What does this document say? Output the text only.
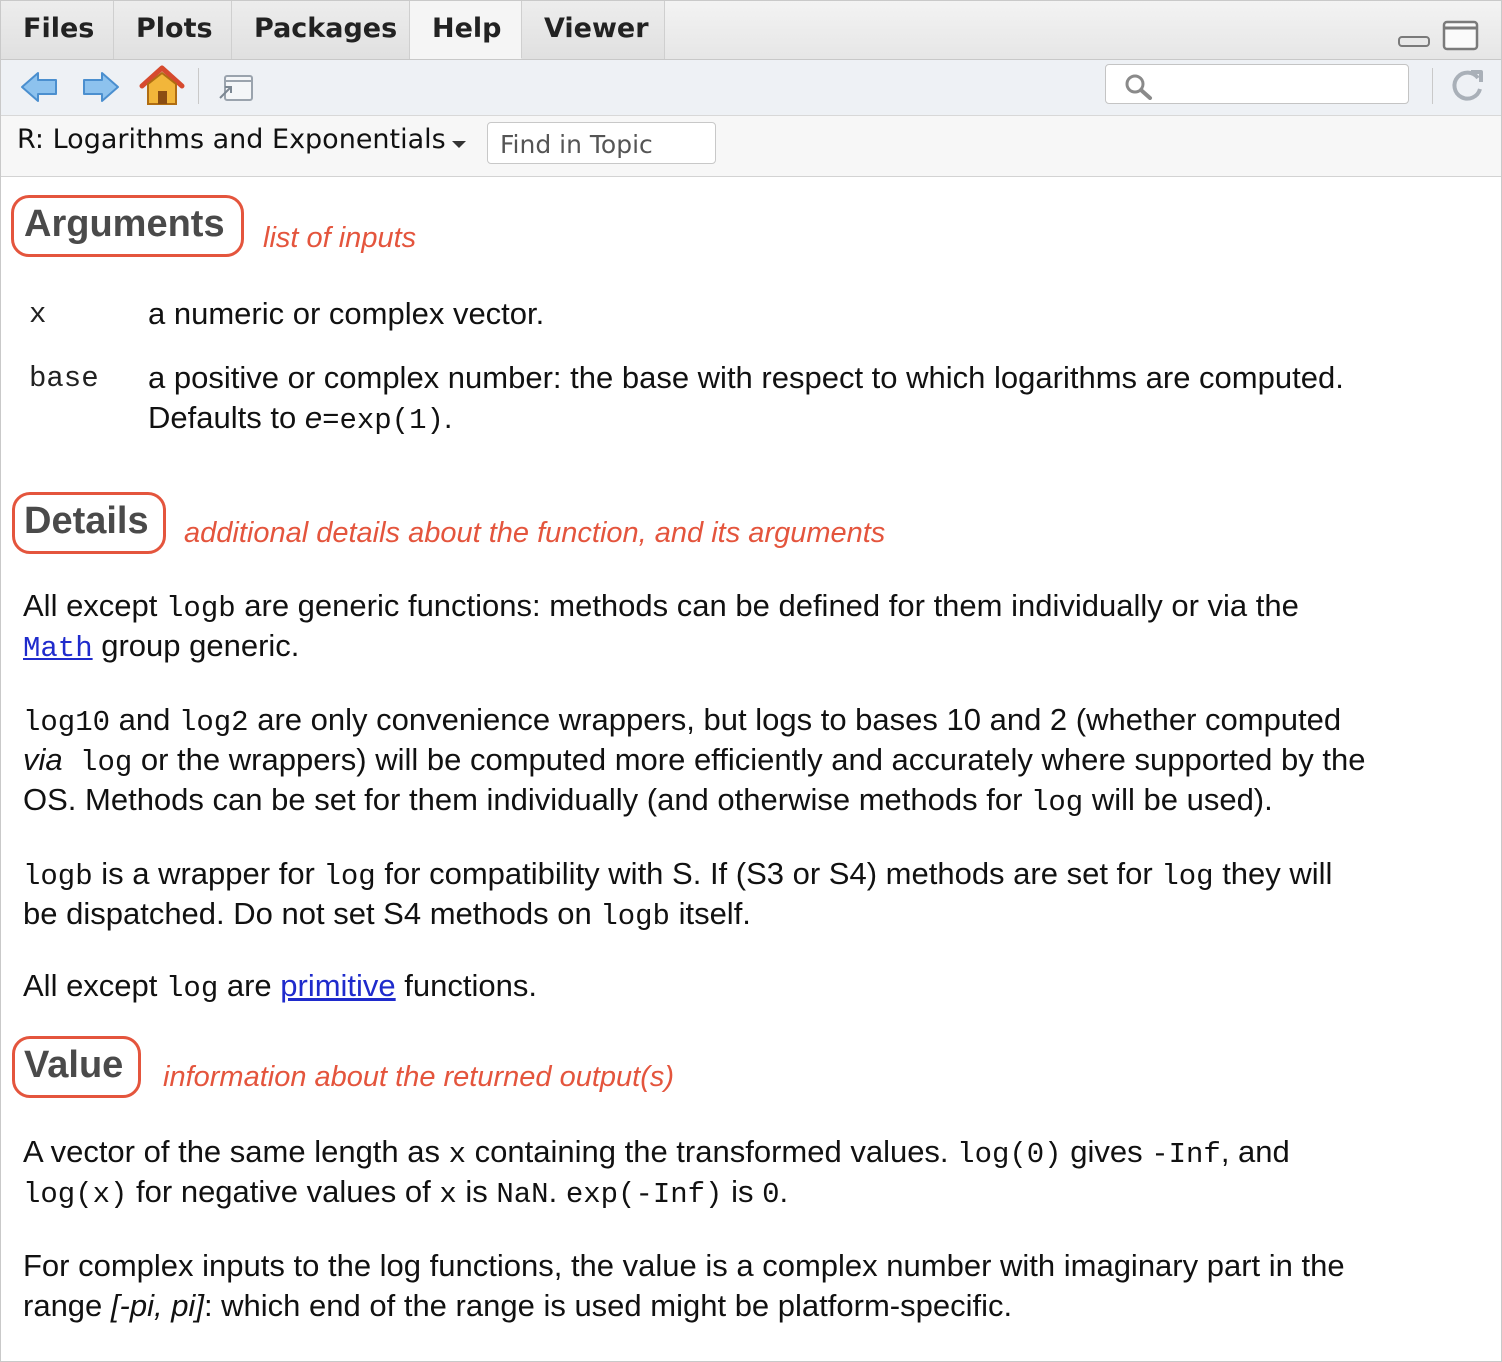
Files	Plots	Packages	Help	Viewer
R: Logarithms and Exponentials
Find in Topic
Arguments list of inputs
x	a numeric or complex vector.
base a positive or complex number: the base with respect to which logarithms are computed.
Defaults to e=exp(1).
Details additional details about the function, and its arguments
All except logb are generic functions: methods can be defined for them individually or via the
Math group generic.
log10 and log2 are only convenience wrappers, but logs to bases 10 and 2 (whether computed
via log or the wrappers) will be computed more efficiently and accurately where supported by the
OS. Methods can be set for them individually (and otherwise methods for log will be used).
logb is a wrapper for log for compatibility with S. If (S3 or S4) methods are set for log they will
be dispatched. Do not set S4 methods on logb itself.
All except log are primitive functions.
Value information about the returned output(s)
A vector of the same length as x containing the transformed values. log(0) gives -Inf, and
log(x) for negative values of x is NaN. exp(-Inf) is 0.
For complex inputs to the log functions, the value is a complex number with imaginary part in the
range [-pi, pi]: which end of the range is used might be platform-specific.
